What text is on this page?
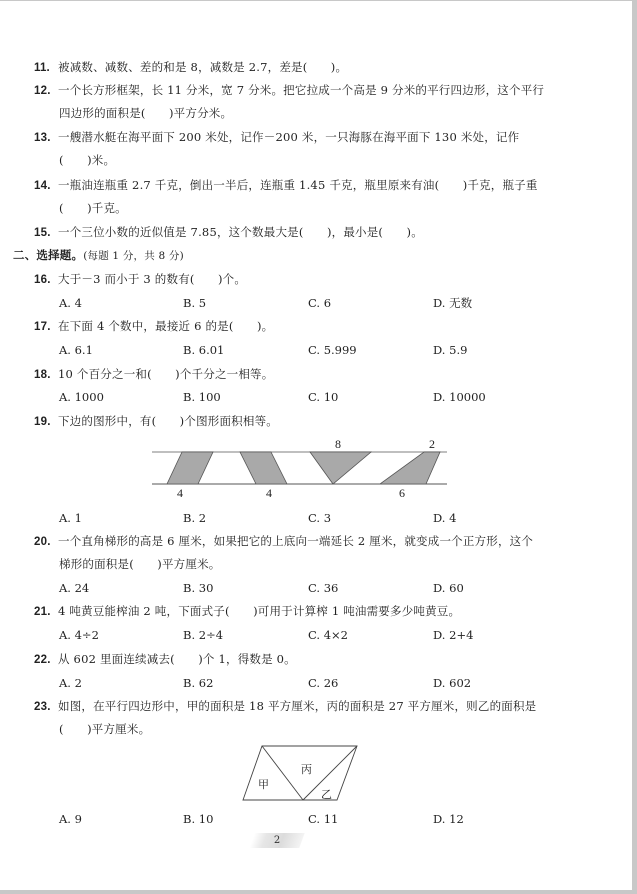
11. 被减数、减数、差的和是 8，减数是 2.7，差是(　　)。
12. 一个长方形框架，长 11 分米，宽 7 分米。把它拉成一个高是 9 分米的平行四边形，这个平行
四边形的面积是(　　)平方分米。
13. 一艘潜水艇在海平面下 200 米处，记作－200 米，一只海豚在海平面下 130 米处，记作
(　　)米。
14. 一瓶油连瓶重 2.7 千克，倒出一半后，连瓶重 1.45 千克，瓶里原来有油(　　)千克，瓶子重
(　　)千克。
15. 一个三位小数的近似值是 7.85，这个数最大是(　　)，最小是(　　)。
二、选择题。(每题 1 分，共 8 分)
16. 大于－3 而小于 3 的数有(　　)个。
A. 4	B. 5	C. 6	D. 无数
17. 在下面 4 个数中，最接近 6 的是(　　)。
A. 6.1	B. 6.01	C. 5.999	D. 5.9
18. 10 个百分之一和(　　)个千分之一相等。
A. 1000	B. 100	C. 10	D. 10000
19. 下边的图形中，有(　　)个图形面积相等。
8	2
4	4	6
A. 1	B. 2	C. 3	D. 4
20. 一个直角梯形的高是 6 厘米，如果把它的上底向一端延长 2 厘米，就变成一个正方形，这个
梯形的面积是(　　)平方厘米。
A. 24	B. 30	C. 36	D. 60
21. 4 吨黄豆能榨油 2 吨，下面式子(　　)可用于计算榨 1 吨油需要多少吨黄豆。
A. 4÷2	B. 2÷4	C. 4×2	D. 2+4
22. 从 602 里面连续减去(　　)个 1，得数是 0。
A. 2	B. 62	C. 26	D. 602
23. 如图，在平行四边形中，甲的面积是 18 平方厘米，丙的面积是 27 平方厘米，则乙的面积是
(　　)平方厘米。
甲
丙
乙
A. 9	B. 10	C. 11	D. 12
2
